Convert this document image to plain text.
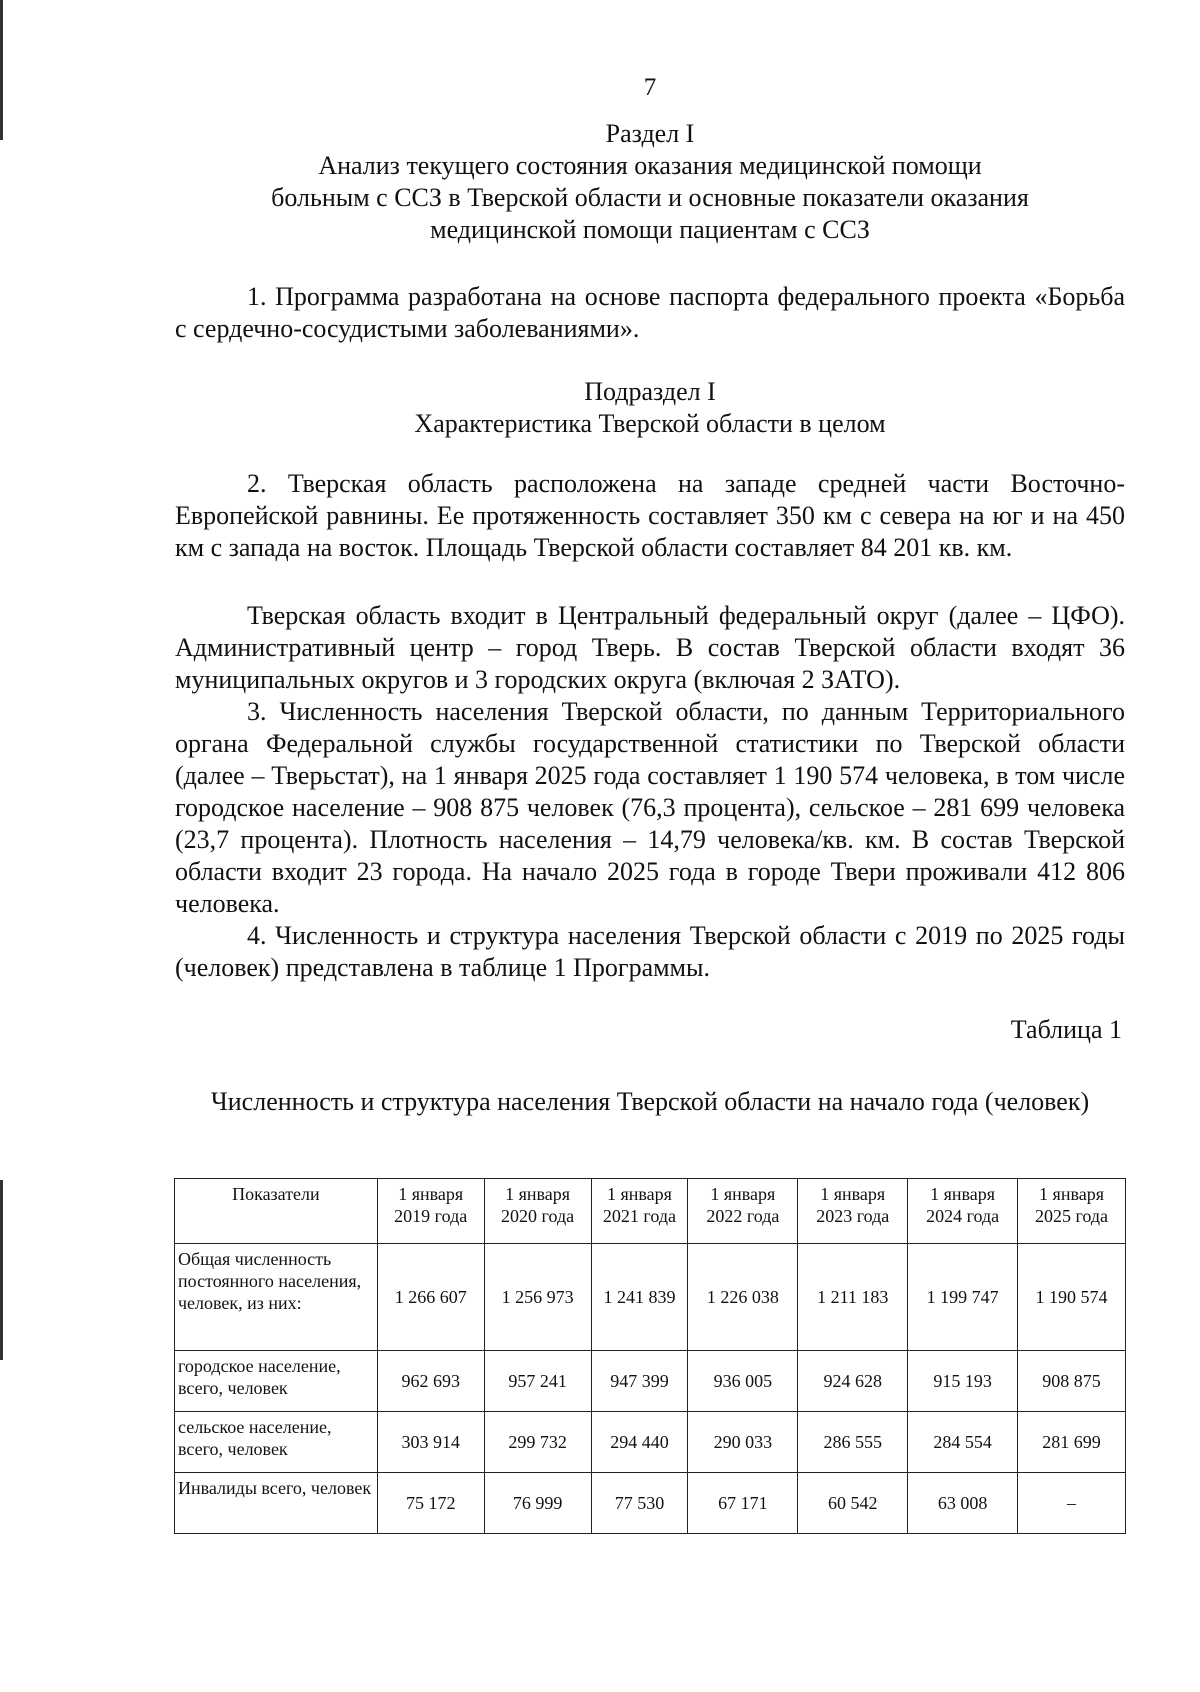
7
Раздел I
Анализ текущего состояния оказания медицинской помощи
больным с ССЗ в Тверской области и основные показатели оказания
медицинской помощи пациентам с ССЗ
1. Программа разработана на основе паспорта федерального проекта «Борьба с сердечно-сосудистыми заболеваниями».
Подраздел I
Характеристика Тверской области в целом
2. Тверская область расположена на западе средней части Восточно-Европейской равнины. Ее протяженность составляет 350 км с севера на юг и на 450 км с запада на восток. Площадь Тверской области составляет 84 201 кв. км.
Тверская область входит в Центральный федеральный округ (далее – ЦФО). Административный центр – город Тверь. В состав Тверской области входят 36 муниципальных округов и 3 городских округа (включая 2 ЗАТО).
3. Численность населения Тверской области, по данным Территориального органа Федеральной службы государственной статистики по Тверской области (далее – Тверьстат), на 1 января 2025 года составляет 1 190 574 человека, в том числе городское население – 908 875 человек (76,3 процента), сельское – 281 699 человека (23,7 процента). Плотность населения – 14,79 человека/кв. км. В состав Тверской области входит 23 города. На начало 2025 года в городе Твери проживали 412 806 человека.
4. Численность и структура населения Тверской области с 2019 по 2025 годы (человек) представлена в таблице 1 Программы.
Таблица 1
Численность и структура населения Тверской области на начало года (человек)
Показатели	1 января 2019 года	1 января 2020 года	1 января 2021 года	1 января 2022 года	1 января 2023 года	1 января 2024 года	1 января 2025 года
Общая численность постоянного населения, человек, из них:	1 266 607	1 256 973	1 241 839	1 226 038	1 211 183	1 199 747	1 190 574
городское население, всего, человек	962 693	957 241	947 399	936 005	924 628	915 193	908 875
сельское население, всего, человек	303 914	299 732	294 440	290 033	286 555	284 554	281 699
Инвалиды всего, человек	75 172	76 999	77 530	67 171	60 542	63 008	–
